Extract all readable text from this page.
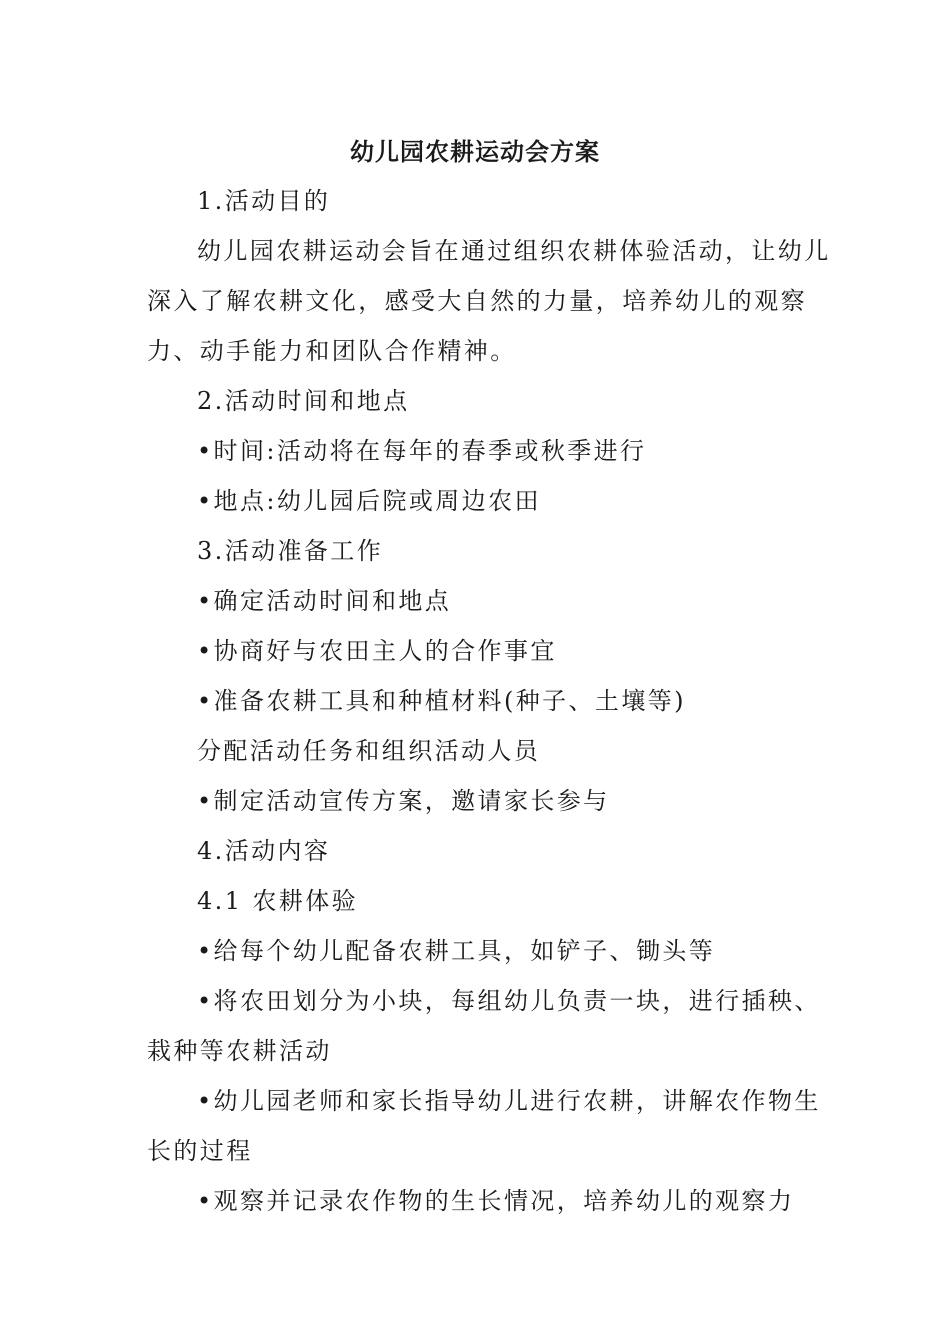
幼儿园农耕运动会方案

1.活动目的

幼儿园农耕运动会旨在通过组织农耕体验活动，让幼儿深入了解农耕文化，感受大自然的力量，培养幼儿的观察力、动手能力和团队合作精神。

2.活动时间和地点

•时间:活动将在每年的春季或秋季进行

•地点:幼儿园后院或周边农田

3.活动准备工作

•确定活动时间和地点

•协商好与农田主人的合作事宜

•准备农耕工具和种植材料(种子、土壤等)

分配活动任务和组织活动人员

•制定活动宣传方案，邀请家长参与

4.活动内容

4.1 农耕体验

•给每个幼儿配备农耕工具，如铲子、锄头等

•将农田划分为小块，每组幼儿负责一块，进行插秧、栽种等农耕活动

•幼儿园老师和家长指导幼儿进行农耕，讲解农作物生长的过程

•观察并记录农作物的生长情况，培养幼儿的观察力
